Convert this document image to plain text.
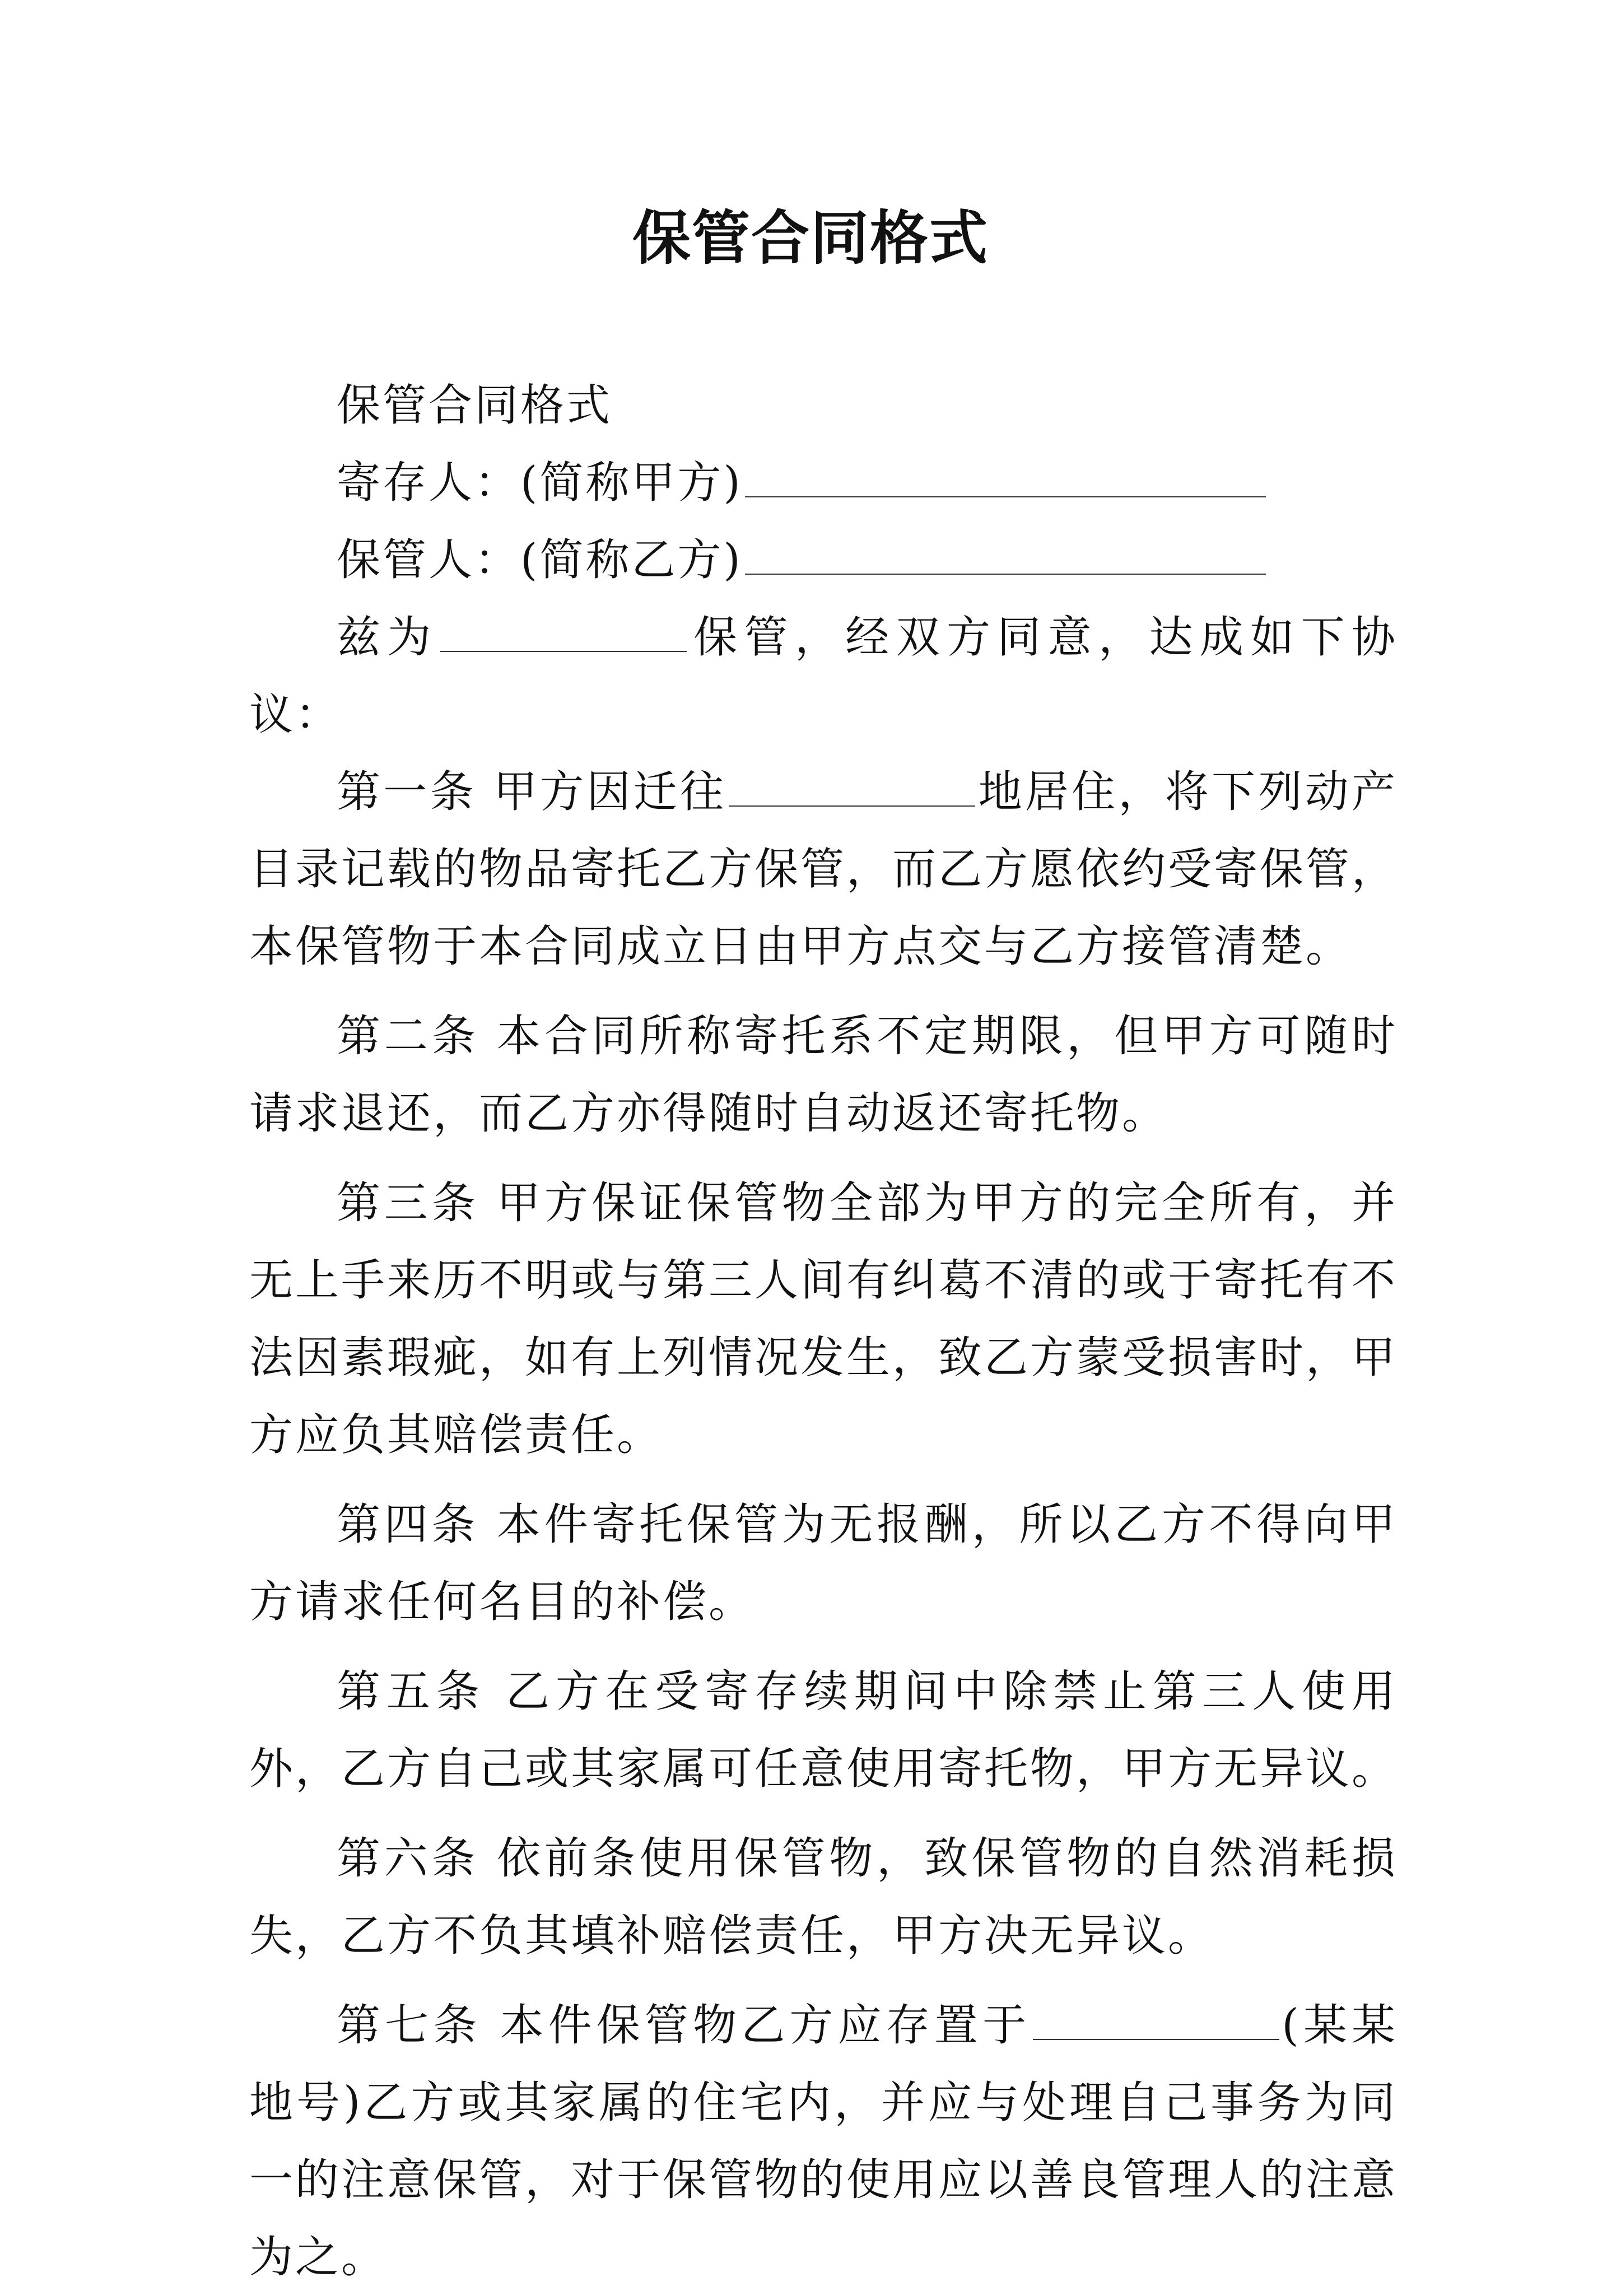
保管合同格式

保管合同格式

寄存人：(简称甲方)

保管人：(简称乙方)

兹为	保管，经双方同意，达成如下协议：

第一条 甲方因迁往	地居住，将下列动产目录记载的物品寄托乙方保管，而乙方愿依约受寄保管，本保管物于本合同成立日由甲方点交与乙方接管清楚。

第二条 本合同所称寄托系不定期限，但甲方可随时请求退还，而乙方亦得随时自动返还寄托物。

第三条 甲方保证保管物全部为甲方的完全所有，并无上手来历不明或与第三人间有纠葛不清的或于寄托有不法因素瑕疵，如有上列情况发生，致乙方蒙受损害时，甲方应负其赔偿责任。

第四条 本件寄托保管为无报酬，所以乙方不得向甲方请求任何名目的补偿。

第五条 乙方在受寄存续期间中除禁止第三人使用外，乙方自己或其家属可任意使用寄托物，甲方无异议。

第六条 依前条使用保管物，致保管物的自然消耗损失，乙方不负其填补赔偿责任，甲方决无异议。

第七条 本件保管物乙方应存置于	(某某地号)乙方或其家属的住宅内，并应与处理自己事务为同一的注意保管，对于保管物的使用应以善良管理人的注意为之。
